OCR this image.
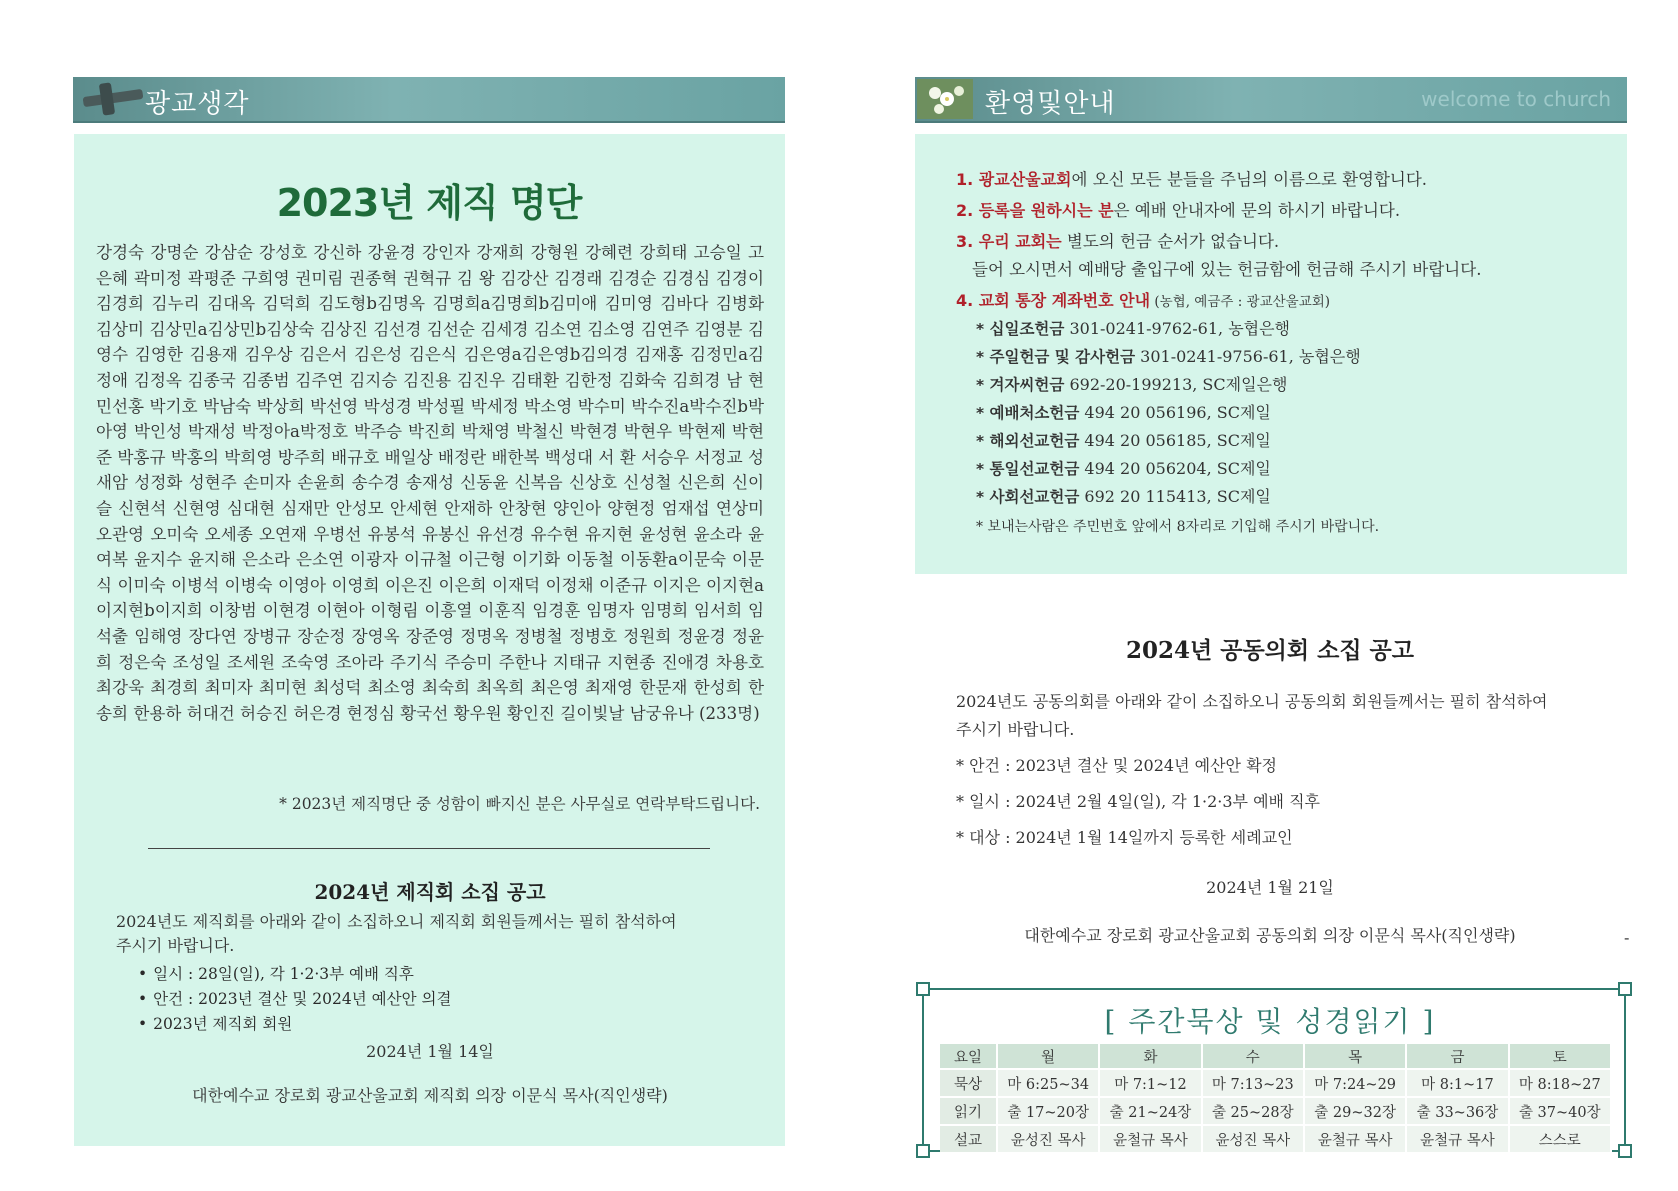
광교생각
2023년 제직 명단
강경숙 강명순 강삼순 강성호 강신하 강윤경 강인자 강재희 강형원 강혜련 강희태 고승일 고은혜 곽미정 곽평준 구희영 권미림 권종혁 권혁규 김 왕 김강산 김경래 김경순 김경심 김경이 김경희 김누리 김대옥 김덕희 김도형b김명옥 김명희a김명희b김미애 김미영 김바다 김병화 김상미 김상민a김상민b김상숙 김상진 김선경 김선순 김세경 김소연 김소영 김연주 김영분 김영수 김영한 김용재 김우상 김은서 김은성 김은식 김은영a김은영b김의경 김재홍 김정민a김정애 김정옥 김종국 김종범 김주연 김지승 김진용 김진우 김태환 김한정 김화숙 김희경 남 현 민선홍 박기호 박남숙 박상희 박선영 박성경 박성필 박세정 박소영 박수미 박수진a박수진b박아영 박인성 박재성 박정아a박정호 박주승 박진희 박채영 박철신 박현경 박현우 박현제 박현준 박홍규 박홍의 박희영 방주희 배규호 배일상 배정란 배한복 백성대 서 환 서승우 서정교 성새암 성정화 성현주 손미자 손윤희 송수경 송재성 신동윤 신복음 신상호 신성철 신은희 신이슬 신현석 신현영 심대현 심재만 안성모 안세현 안재하 안창현 양인아 양현정 엄재섭 연상미 오관영 오미숙 오세종 오연재 우병선 유봉석 유봉신 유선경 유수현 유지현 윤성현 윤소라 윤여복 윤지수 윤지해 은소라 은소연 이광자 이규철 이근형 이기화 이동철 이동환a이문숙 이문식 이미숙 이병석 이병숙 이영아 이영희 이은진 이은희 이재덕 이정채 이준규 이지은 이지현a이지현b이지희 이창범 이현경 이현아 이형림 이흥열 이훈직 임경훈 임명자 임명희 임서희 임석출 임해영 장다연 장병규 장순정 장영옥 장준영 정명옥 정병철 정병호 정원희 정윤경 정윤희 정은숙 조성일 조세원 조숙영 조아라 주기식 주승미 주한나 지태규 지현종 진애경 차용호 최강욱 최경희 최미자 최미현 최성덕 최소영 최숙희 최옥희 최은영 최재영 한문재 한성희 한송희 한용하 허대건 허승진 허은경 현정심 황국선 황우원 황인진 길이빛날 남궁유나 (233명)
* 2023년 제직명단 중 성함이 빠지신 분은 사무실로 연락부탁드립니다.
2024년 제직회 소집 공고
2024년도 제직회를 아래와 같이 소집하오니 제직회 회원들께서는 필히 참석하여
주시기 바랍니다.
• 일시 : 28일(일), 각 1·2·3부 예배 직후
• 안건 : 2023년 결산 및 2024년 예산안 의결
• 2023년 제직회 회원
2024년 1월 14일
대한예수교 장로회 광교산울교회 제직회 의장 이문식 목사(직인생략)
환영및안내	welcome to church
1. 광교산울교회에 오신 모든 분들을 주님의 이름으로 환영합니다.
2. 등록을 원하시는 분은 예배 안내자에 문의 하시기 바랍니다.
3. 우리 교회는 별도의 헌금 순서가 없습니다.
들어 오시면서 예배당 출입구에 있는 헌금함에 헌금해 주시기 바랍니다.
4. 교회 통장 계좌번호 안내 (농협, 예금주 : 광교산울교회)
* 십일조헌금 301-0241-9762-61, 농협은행
* 주일헌금 및 감사헌금 301-0241-9756-61, 농협은행
* 겨자씨헌금 692-20-199213, SC제일은행
* 예배처소헌금 494 20 056196, SC제일
* 해외선교헌금 494 20 056185, SC제일
* 통일선교헌금 494 20 056204, SC제일
* 사회선교헌금 692 20 115413, SC제일
* 보내는사람은 주민번호 앞에서 8자리로 기입해 주시기 바랍니다.
2024년 공동의회 소집 공고
2024년도 공동의회를 아래와 같이 소집하오니 공동의회 회원들께서는 필히 참석하여
주시기 바랍니다.
* 안건 : 2023년 결산 및 2024년 예산안 확정
* 일시 : 2024년 2월 4일(일), 각 1·2·3부 예배 직후
* 대상 : 2024년 1월 14일까지 등록한 세례교인
2024년 1월 21일
대한예수교 장로회 광교산울교회 공동의회 의장 이문식 목사(직인생략)	-
[ 주간묵상 및 성경읽기 ]
요일	월	화	수	목	금	토
묵상	마 6:25~34	마 7:1~12	마 7:13~23	마 7:24~29	마 8:1~17	마 8:18~27
읽기	출 17~20장	출 21~24장	출 25~28장	출 29~32장	출 33~36장	출 37~40장
설교	윤성진 목사	윤철규 목사	윤성진 목사	윤철규 목사	윤철규 목사	스스로
